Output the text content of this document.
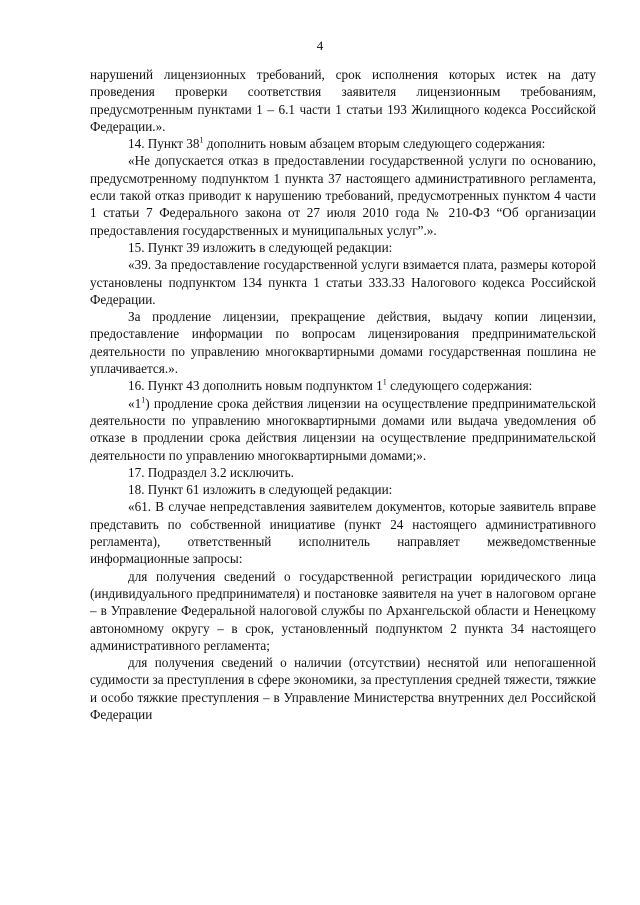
4

нарушений лицензионных требований, срок исполнения которых истек на дату проведения проверки соответствия заявителя лицензионным требованиям, предусмотренным пунктами 1 – 6.1 части 1 статьи 193 Жилищного кодекса Российской Федерации.».

14. Пункт $38^1$ дополнить новым абзацем вторым следующего содержания:

«Не допускается отказ в предоставлении государственной услуги по основанию, предусмотренному подпунктом 1 пункта 37 настоящего административного регламента, если такой отказ приводит к нарушению требований, предусмотренных пунктом 4 части 1 статьи 7 Федерального закона от 27 июля 2010 года № 210-ФЗ “Об организации предоставления государственных и муниципальных услуг”.».

15. Пункт 39 изложить в следующей редакции:

«39. За предоставление государственной услуги взимается плата, размеры которой установлены подпунктом 134 пункта 1 статьи 333.33 Налогового кодекса Российской Федерации.

За продление лицензии, прекращение действия, выдачу копии лицензии, предоставление информации по вопросам лицензирования предпринимательской деятельности по управлению многоквартирными домами государственная пошлина не уплачивается.».

16. Пункт 43 дополнить новым подпунктом $1^1$ следующего содержания:

«$1^1$) продление срока действия лицензии на осуществление предпринимательской деятельности по управлению многоквартирными домами или выдача уведомления об отказе в продлении срока действия лицензии на осуществление предпринимательской деятельности по управлению многоквартирными домами;».

17. Подраздел 3.2 исключить.

18. Пункт 61 изложить в следующей редакции:

«61. В случае непредставления заявителем документов, которые заявитель вправе представить по собственной инициативе (пункт 24 настоящего административного регламента), ответственный исполнитель направляет межведомственные информационные запросы:

для получения сведений о государственной регистрации юридического лица (индивидуального предпринимателя) и постановке заявителя на учет в налоговом органе – в Управление Федеральной налоговой службы по Архангельской области и Ненецкому автономному округу – в срок, установленный подпунктом 2 пункта 34 настоящего административного регламента;

для получения сведений о наличии (отсутствии) неснятой или непогашенной судимости за преступления в сфере экономики, за преступления средней тяжести, тяжкие и особо тяжкие преступления – в Управление Министерства внутренних дел Российской Федерации
